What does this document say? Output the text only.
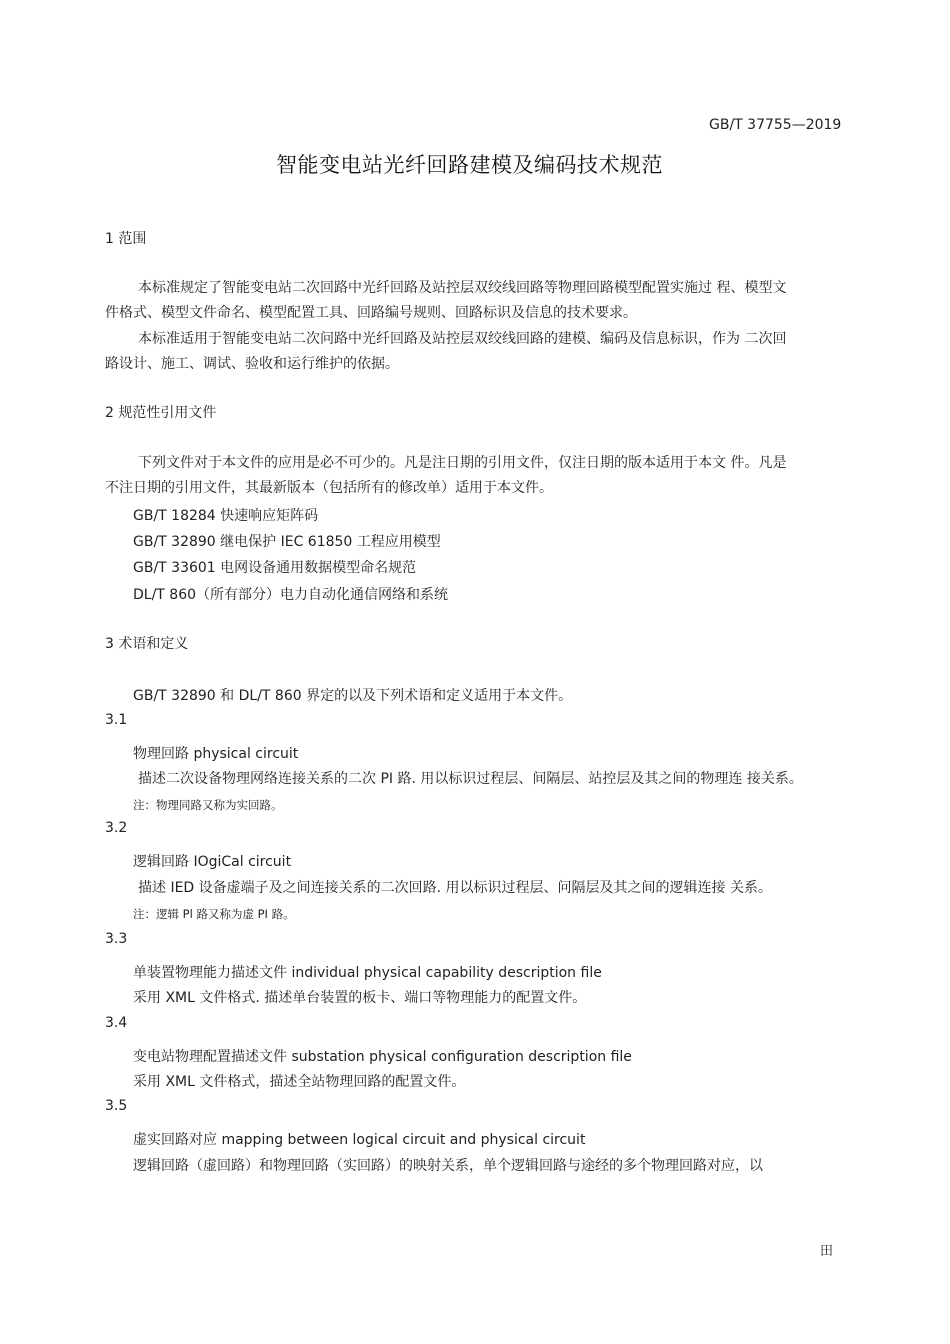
GB/T 37755—2019
智能变电站光纤回路建模及编码技术规范
1 范围
本标准规定了智能变电站二次回路中光纤回路及站控层双绞线回路等物理回路模型配置实施过 程、模型文
件格式、模型文件命名、模型配置工具、回路编号规则、回路标识及信息的技术要求。
本标准适用于智能变电站二次问路中光纤回路及站控层双绞线回路的建模、编码及信息标识，作为 二次回
路设计、施工、调试、验收和运行维护的依据。
2 规范性引用文件
下列文件对于本文件的应用是必不可少的。凡是注日期的引用文件，仅注日期的版本适用于本文 件。凡是
不注日期的引用文件，其最新版本（包括所有的修改单）适用于本文件。
GB/T 18284 快速响应矩阵码
GB/T 32890 继电保护 IEC 61850 工程应用模型
GB/T 33601 电网设备通用数据模型命名规范
DL/T 860（所有部分）电力自动化通信网络和系统
3 术语和定义
GB/T 32890 和 DL/T 860 界定的以及下列术语和定义适用于本文件。
3.1
物理回路 physical circuit
描述二次设备物理网络连接关系的二次 PI 路. 用以标识过程层、间隔层、站控层及其之间的物理连 接关系。
注：物理同路又称为实回路。
3.2
逻辑回路 IOgiCal circuit
描述 IED 设备虚端子及之间连接关系的二次回路. 用以标识过程层、问隔层及其之间的逻辑连接 关系。
注：逻辑 Pl 路又称为虚 PI 路。
3.3
单装置物理能力描述文件 individual physical capability description file
采用 XML 文件格式. 描述单台装置的板卡、端口等物理能力的配置文件。
3.4
变电站物理配置描述文件 substation physical configuration description file
采用 XML 文件格式，描述全站物理回路的配置文件。
3.5
虚实回路对应 mapping between logical circuit and physical circuit
逻辑回路（虚回路）和物理回路（实回路）的映射关系，单个逻辑回路与途经的多个物理回路对应，以
田
